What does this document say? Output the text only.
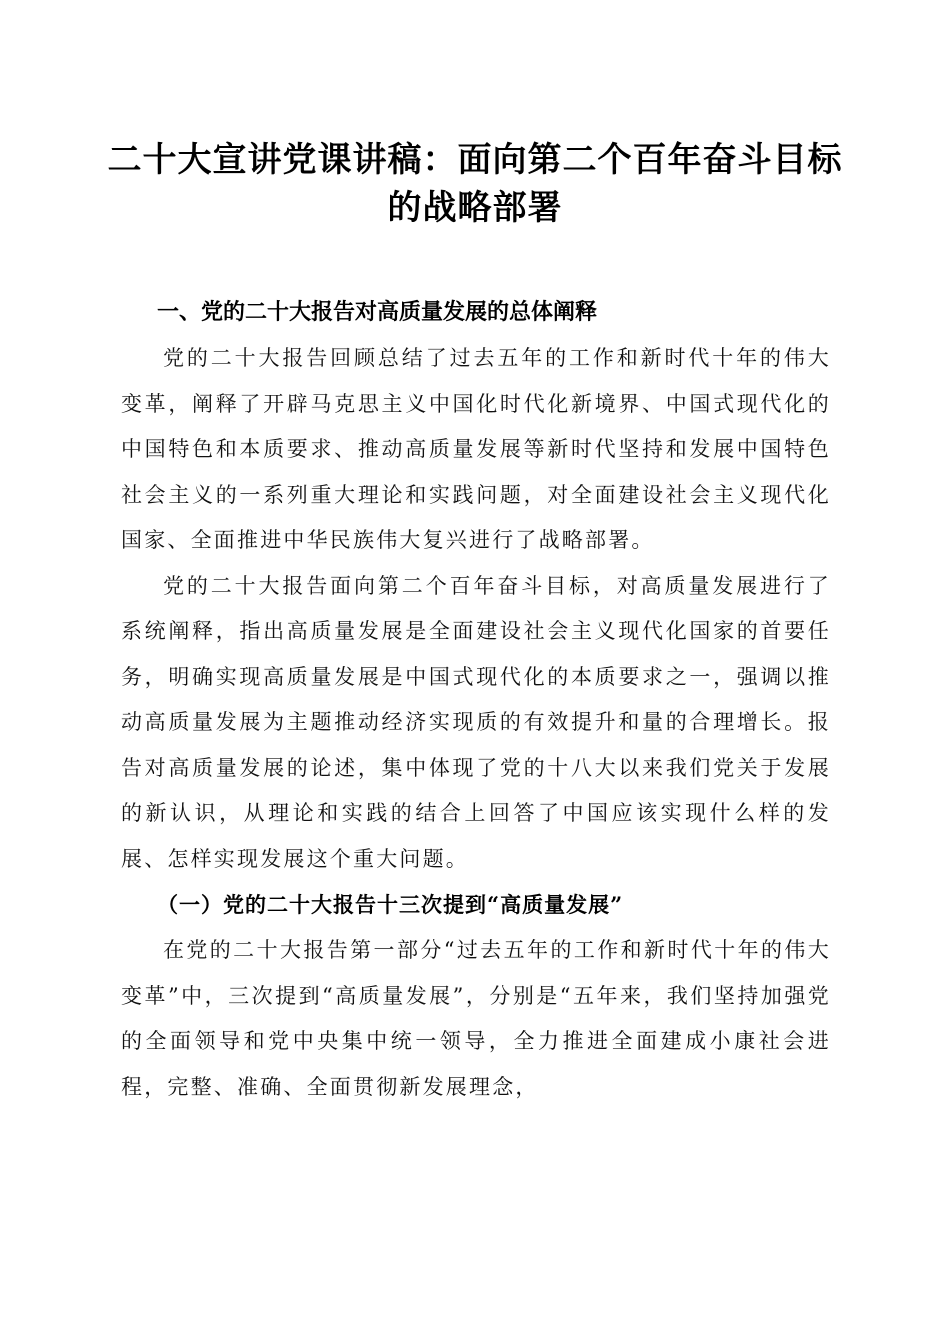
二十大宣讲党课讲稿：面向第二个百年奋斗目标的战略部署

一、党的二十大报告对高质量发展的总体阐释

党的二十大报告回顾总结了过去五年的工作和新时代十年的伟大变革，阐释了开辟马克思主义中国化时代化新境界、中国式现代化的中国特色和本质要求、推动高质量发展等新时代坚持和发展中国特色社会主义的一系列重大理论和实践问题，对全面建设社会主义现代化国家、全面推进中华民族伟大复兴进行了战略部署。

党的二十大报告面向第二个百年奋斗目标，对高质量发展进行了系统阐释，指出高质量发展是全面建设社会主义现代化国家的首要任务，明确实现高质量发展是中国式现代化的本质要求之一，强调以推动高质量发展为主题推动经济实现质的有效提升和量的合理增长。报告对高质量发展的论述，集中体现了党的十八大以来我们党关于发展的新认识，从理论和实践的结合上回答了中国应该实现什么样的发展、怎样实现发展这个重大问题。

（一）党的二十大报告十三次提到“高质量发展”

在党的二十大报告第一部分“过去五年的工作和新时代十年的伟大变革”中，三次提到“高质量发展”，分别是“五年来，我们坚持加强党的全面领导和党中央集中统一领导，全力推进全面建成小康社会进程，完整、准确、全面贯彻新发展理念，
